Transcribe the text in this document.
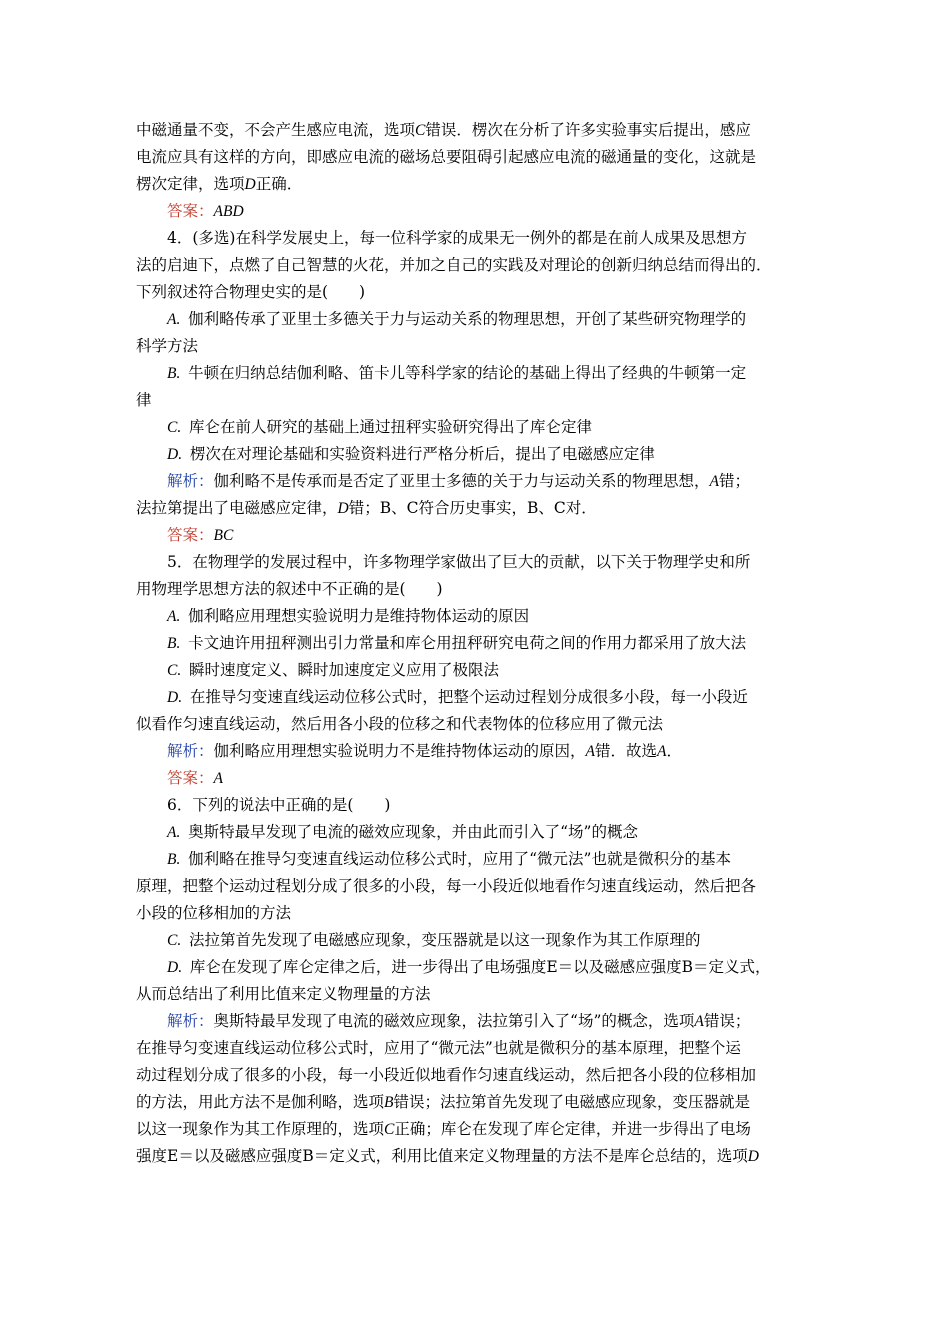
中磁通量不变，不会产生感应电流，选项C错误．楞次在分析了许多实验事实后提出，感应
电流应具有这样的方向，即感应电流的磁场总要阻碍引起感应电流的磁通量的变化，这就是
楞次定律，选项D正确．
答案：ABD
4．(多选)在科学发展史上，每一位科学家的成果无一例外的都是在前人成果及思想方
法的启迪下，点燃了自己智慧的火花，并加之自己的实践及对理论的创新归纳总结而得出的．
下列叙述符合物理史实的是(　　)
A.  伽利略传承了亚里士多德关于力与运动关系的物理思想，开创了某些研究物理学的
科学方法
B.  牛顿在归纳总结伽利略、笛卡儿等科学家的结论的基础上得出了经典的牛顿第一定
律
C.  库仑在前人研究的基础上通过扭秤实验研究得出了库仑定律
D.  楞次在对理论基础和实验资料进行严格分析后，提出了电磁感应定律
解析：伽利略不是传承而是否定了亚里士多德的关于力与运动关系的物理思想，A错；
法拉第提出了电磁感应定律，D错；B、C符合历史事实，B、C对．
答案：BC
5．在物理学的发展过程中，许多物理学家做出了巨大的贡献，以下关于物理学史和所
用物理学思想方法的叙述中不正确的是(　　)
A.  伽利略应用理想实验说明力是维持物体运动的原因
B.  卡文迪许用扭秤测出引力常量和库仑用扭秤研究电荷之间的作用力都采用了放大法
C.  瞬时速度定义、瞬时加速度定义应用了极限法
D.  在推导匀变速直线运动位移公式时，把整个运动过程划分成很多小段，每一小段近
似看作匀速直线运动，然后用各小段的位移之和代表物体的位移应用了微元法
解析：伽利略应用理想实验说明力不是维持物体运动的原因，A错．故选A．
答案：A
6．下列的说法中正确的是(　　)
A.  奥斯特最早发现了电流的磁效应现象，并由此而引入了“场”的概念
B.  伽利略在推导匀变速直线运动位移公式时，应用了“微元法”也就是微积分的基本
原理，把整个运动过程划分成了很多的小段，每一小段近似地看作匀速直线运动，然后把各
小段的位移相加的方法
C.  法拉第首先发现了电磁感应现象，变压器就是以这一现象作为其工作原理的
D.  库仑在发现了库仑定律之后，进一步得出了电场强度E＝以及磁感应强度B＝定义式，
从而总结出了利用比值来定义物理量的方法
解析：奥斯特最早发现了电流的磁效应现象，法拉第引入了“场”的概念，选项A错误；
在推导匀变速直线运动位移公式时，应用了“微元法”也就是微积分的基本原理，把整个运
动过程划分成了很多的小段，每一小段近似地看作匀速直线运动，然后把各小段的位移相加
的方法，用此方法不是伽利略，选项B错误；法拉第首先发现了电磁感应现象，变压器就是
以这一现象作为其工作原理的，选项C正确；库仑在发现了库仑定律，并进一步得出了电场
强度E＝以及磁感应强度B＝定义式，利用比值来定义物理量的方法不是库仑总结的，选项D
